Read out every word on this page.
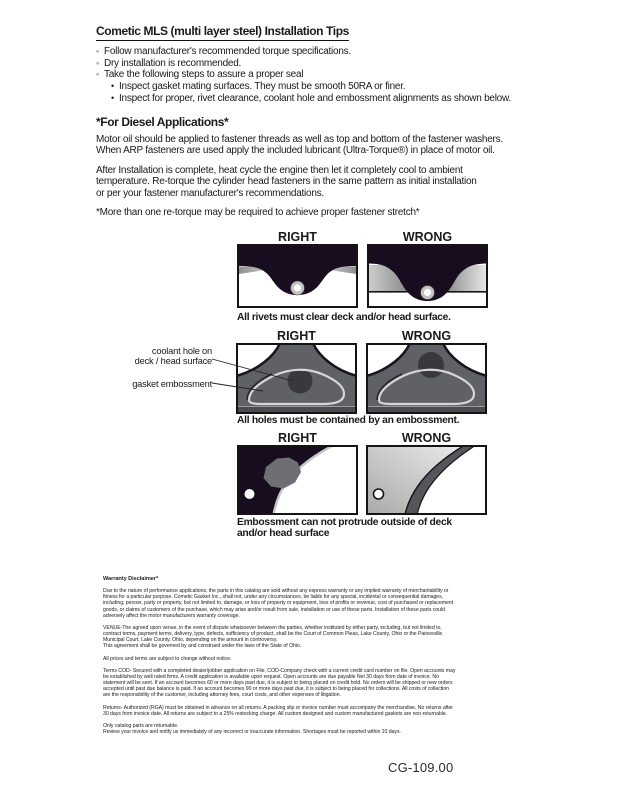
Cometic MLS (multi layer steel) Installation Tips
◦ Follow manufacturer's recommended torque specifications.
◦ Dry installation is recommended.
◦ Take the following steps to assure a proper seal
• Inspect gasket mating surfaces. They must be smooth 50RA or finer.
• Inspect for proper, rivet clearance, coolant hole and embossment alignments as shown below.
*For Diesel Applications*

Motor oil should be applied to fastener threads as well as top and bottom of the fastener washers.
When ARP fasteners are used apply the included lubricant (Ultra-Torque®) in place of motor oil.

After Installation is complete, heat cycle the engine then let it completely cool to ambient
temperature. Re-torque the cylinder head fasteners in the same pattern as initial installation
or per your fastener manufacturer's recommendations.

*More than one re-torque may be required to achieve proper fastener stretch*

RIGHT	WRONG
All rivets must clear deck and/or head surface.
RIGHT	WRONG
coolant hole on
deck / head surface
gasket embossment
All holes must be contained by an embossment.
RIGHT	WRONG
Embossment can not protrude outside of deck
and/or head surface
Warranty Disclaimer*

Due to the nature of performance applications, the parts in this catalog are sold without any express warranty or any implied warranty of merchantability or
fitness for a particular purpose. Cometic Gasket Inc., shall not, under any circumstances, be liable for any special, incidental or consequential damages,
including, person, party or property, but not limited to, damage, or loss of property or equipment, loss of profits or revenue, cost of purchased or replacement
goods, or claims of customers of the purchase, which may arise and/or result from sale, installation or use of these parts. Installation of these parts could
adversely affect the motor manufacturers warranty coverage.

VENUE-The agreed upon venue, in the event of dispute whatsoever between the parties, whether instituted by either party, including, but not limited to,
contract terms, payment terms, delivery, type, defects, sufficiency of product, shall be the Court of Common Pleas, Lake County, Ohio or the Painesville
Municipal Court, Lake County, Ohio, depending on the amount in controversy.
This agreement shall be governed by and construed under the laws of the State of Ohio.

All prices and terms are subject to change without notice.

Terms COD- Secured with a completed dealer/jobber application on File, COD-Company check with a current credit card number on file. Open accounts may
be established by well rated firms. A credit application is available upon request. Open accounts are due payable Net 30 days from date of invoice. No
statement will be sent. If an account becomes 60 or more days past due, it is subject to being placed on credit hold. No orders will be shipped or new orders
accepted until past due balance is paid. If an account becomes 90 or more days past due, it is subject to being placed for collections. All costs of collection
are the responsibility of the customer, including attorney fees, court costs, and other expenses of litigation.

Returns- Authorized (RGA) must be obtained in advance on all returns. A packing slip or invoice number must accompany the merchandise. No returns after
30 days from invoice date. All returns are subject to a 25% restocking charge. All custom designed and custom manufactured gaskets are non-returnable.

Only catalog parts are returnable.
Review your invoice and notify us immediately of any incorrect or inaccurate information. Shortages must be reported within 10 days.

CG-109.00
